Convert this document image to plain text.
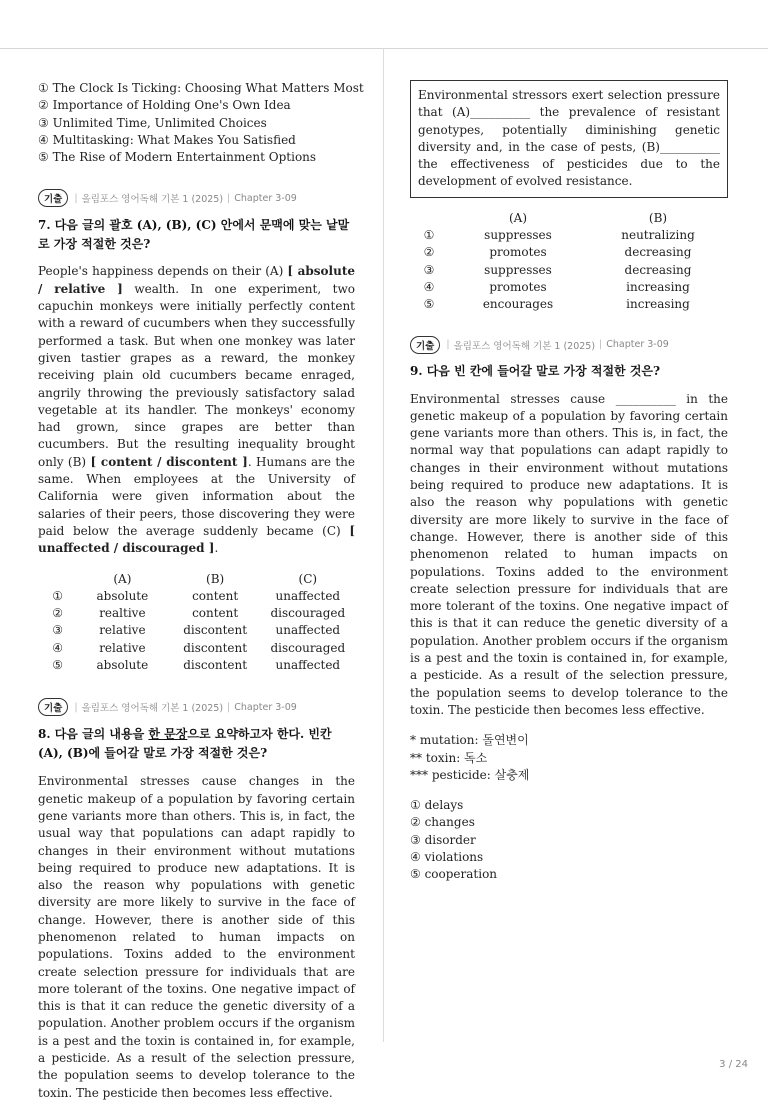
① The Clock Is Ticking: Choosing What Matters Most
② Importance of Holding One's Own Idea
③ Unlimited Time, Unlimited Choices
④ Multitasking: What Makes You Satisfied
⑤ The Rise of Modern Entertainment Options
기출	| 올림포스 영어독해 기본 1 (2025) | Chapter 3-09

7. 다음 글의 괄호 (A), (B), (C) 안에서 문맥에 맞는 낱말로 가장 적절한 것은?

People's happiness depends on their (A) [ absolute / relative ] wealth. In one experiment, two capuchin monkeys were initially perfectly content with a reward of cucumbers when they successfully performed a task. But when one monkey was later given tastier grapes as a reward, the monkey receiving plain old cucumbers became enraged, angrily throwing the previously satisfactory salad vegetable at its handler. The monkeys' economy had grown, since grapes are better than cucumbers. But the resulting inequality brought only (B) [ content / discontent ]. Humans are the same. When employees at the University of California were given information about the salaries of their peers, those discovering they were paid below the average suddenly became (C) [ unaffected / discouraged ].

	(A)	(B)	(C)
①	absolute	content	unaffected
②	realtive	content	discouraged
③	relative	discontent	unaffected
④	relative	discontent	discouraged
⑤	absolute	discontent	unaffected
기출	| 올림포스 영어독해 기본 1 (2025) | Chapter 3-09

8. 다음 글의 내용을 한 문장으로 요약하고자 한다. 빈칸 (A), (B)에 들어갈 말로 가장 적절한 것은?

Environmental stresses cause changes in the genetic makeup of a population by favoring certain gene variants more than others. This is, in fact, the usual way that populations can adapt rapidly to changes in their environment without mutations being required to produce new adaptations. It is also the reason why populations with genetic diversity are more likely to survive in the face of change. However, there is another side of this phenomenon related to human impacts on populations. Toxins added to the environment create selection pressure for individuals that are more tolerant of the toxins. One negative impact of this is that it can reduce the genetic diversity of a population. Another problem occurs if the organism is a pest and the toxin is contained in, for example, a pesticide. As a result of the selection pressure, the population seems to develop tolerance to the toxin. The pesticide then becomes less effective.

Environmental stressors exert selection pressure that (A)__________ the prevalence of resistant genotypes, potentially diminishing genetic diversity and, in the case of pests, (B)__________ the effectiveness of pesticides due to the development of evolved resistance.
	(A)	(B)
①	suppresses	neutralizing
②	promotes	decreasing
③	suppresses	decreasing
④	promotes	increasing
⑤	encourages	increasing
기출	| 올림포스 영어독해 기본 1 (2025) | Chapter 3-09

9. 다음 빈 칸에 들어갈 말로 가장 적절한 것은?

Environmental stresses cause __________ in the genetic makeup of a population by favoring certain gene variants more than others. This is, in fact, the normal way that populations can adapt rapidly to changes in their environment without mutations being required to produce new adaptations. It is also the reason why populations with genetic diversity are more likely to survive in the face of change. However, there is another side of this phenomenon related to human impacts on populations. Toxins added to the environment create selection pressure for individuals that are more tolerant of the toxins. One negative impact of this is that it can reduce the genetic diversity of a population. Another problem occurs if the organism is a pest and the toxin is contained in, for example, a pesticide. As a result of the selection pressure, the population seems to develop tolerance to the toxin. The pesticide then becomes less effective.

* mutation: 돌연변이
** toxin: 독소
*** pesticide: 살충제
① delays
② changes
③ disorder
④ violations
⑤ cooperation
3 / 24
